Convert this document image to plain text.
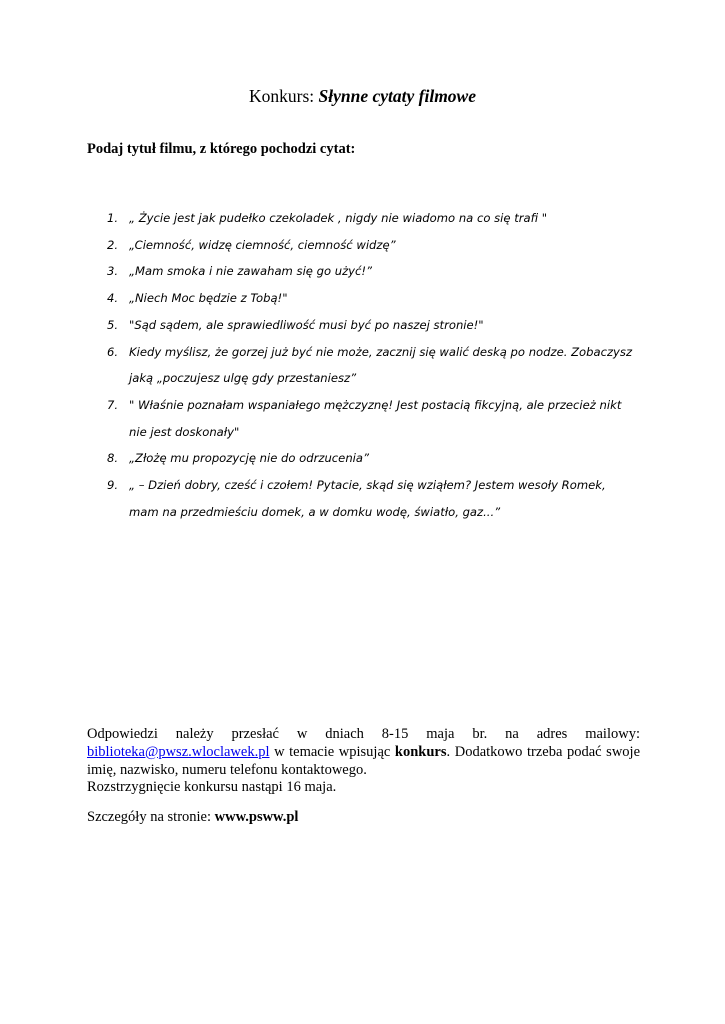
Konkurs: Słynne cytaty filmowe
Podaj tytuł filmu, z którego pochodzi cytat:
1. „ Życie jest jak pudełko czekoladek , nigdy nie wiadomo na co się trafi "
2. „Ciemność, widzę ciemność, ciemność widzę”
3. „Mam smoka i nie zawaham się go użyć!”
4. „Niech Moc będzie z Tobą!"
5. "Sąd sądem, ale sprawiedliwość musi być po naszej stronie!"
6. Kiedy myślisz, że gorzej już być nie może, zacznij się walić deską po nodze. Zobaczysz
jaką „poczujesz ulgę gdy przestaniesz”
7. " Właśnie poznałam wspaniałego mężczyznę! Jest postacią fikcyjną, ale przecież nikt
nie jest doskonały"
8. „Złożę mu propozycję nie do odrzucenia”
9. „ – Dzień dobry, cześć i czołem! Pytacie, skąd się wziąłem? Jestem wesoły Romek,
mam na przedmieściu domek, a w domku wodę, światło, gaz...”

Odpowiedzi należy przesłać w dniach 8-15 maja br. na adres mailowy: biblioteka@pwsz.wloclawek.pl w temacie wpisując konkurs. Dodatkowo trzeba podać swoje imię, nazwisko, numeru telefonu kontaktowego.

Rozstrzygnięcie konkursu nastąpi 16 maja.

Szczegóły na stronie: www.psww.pl
